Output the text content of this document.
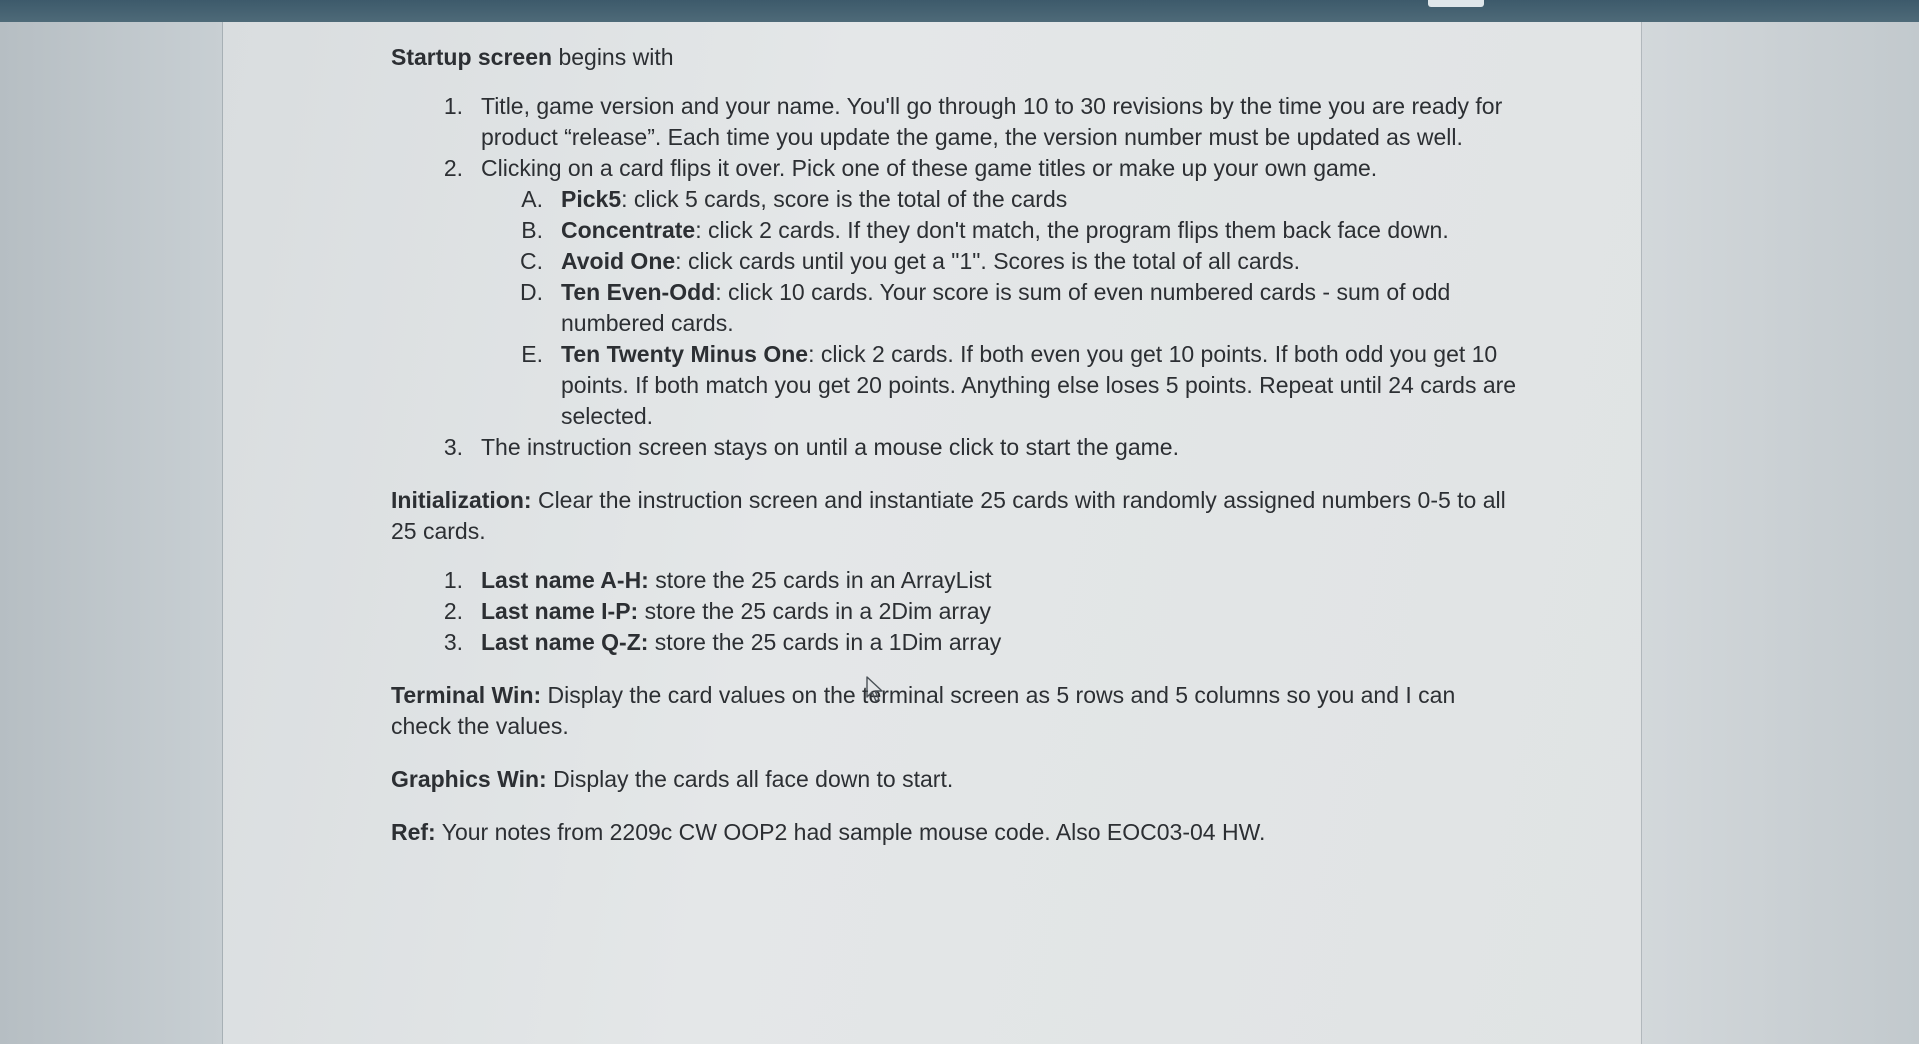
Startup screen begins with

1. Title, game version and your name. You'll go through 10 to 30 revisions by the time you are ready for product “release”. Each time you update the game, the version number must be updated as well.
2. Clicking on a card flips it over. Pick one of these game titles or make up your own game.
A. Pick5: click 5 cards, score is the total of the cards
B. Concentrate: click 2 cards. If they don't match, the program flips them back face down.
C. Avoid One: click cards until you get a "1". Scores is the total of all cards.
D. Ten Even-Odd: click 10 cards. Your score is sum of even numbered cards - sum of odd numbered cards.
E. Ten Twenty Minus One: click 2 cards. If both even you get 10 points. If both odd you get 10 points. If both match you get 20 points. Anything else loses 5 points. Repeat until 24 cards are selected.
3. The instruction screen stays on until a mouse click to start the game.

Initialization: Clear the instruction screen and instantiate 25 cards with randomly assigned numbers 0-5 to all 25 cards.

1. Last name A-H: store the 25 cards in an ArrayList
2. Last name I-P: store the 25 cards in a 2Dim array
3. Last name Q-Z: store the 25 cards in a 1Dim array

Terminal Win: Display the card values on the terminal screen as 5 rows and 5 columns so you and I can check the values.

Graphics Win: Display the cards all face down to start.

Ref: Your notes from 2209c CW OOP2 had sample mouse code. Also EOC03-04 HW.
